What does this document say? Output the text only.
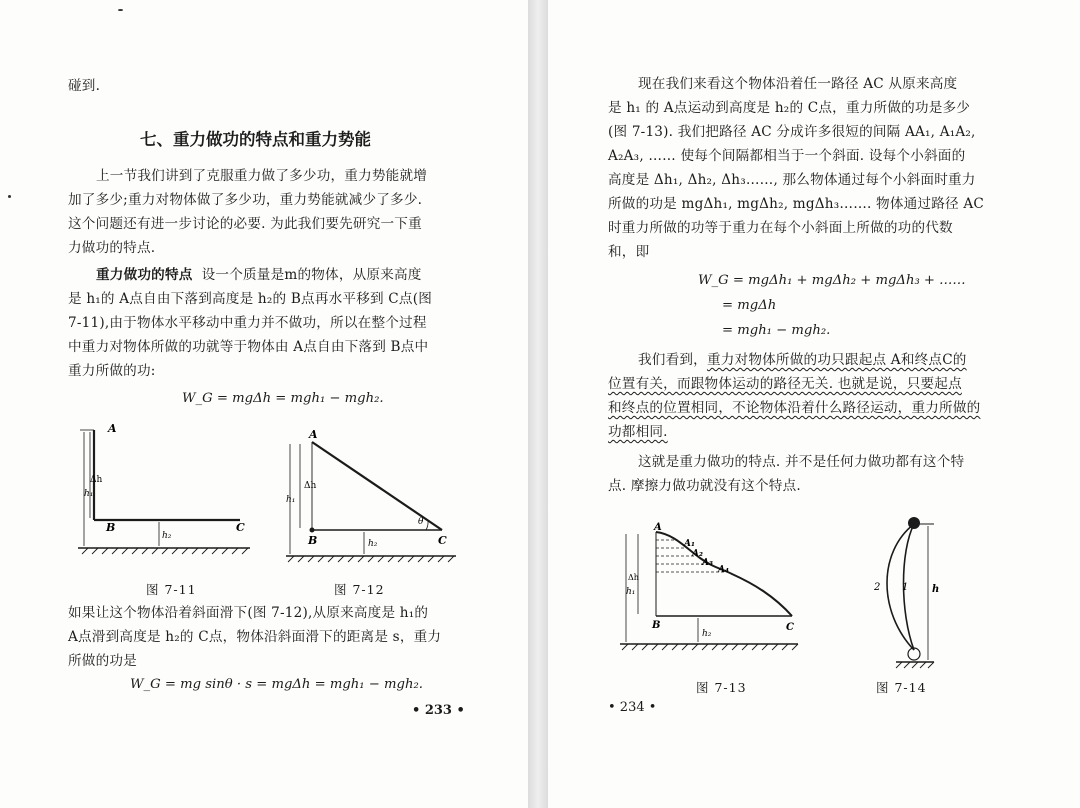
碰到.
七、重力做功的特点和重力势能
上一节我们讲到了克服重力做了多少功，重力势能就增
加了多少;重力对物体做了多少功，重力势能就减少了多少.
这个问题还有进一步讨论的必要. 为此我们要先研究一下重
力做功的特点.
重力做功的特点 设一个质量是m的物体，从原来高度
是 h₁的 A点自由下落到高度是 h₂的 B点再水平移到 C点(图
7-11),由于物体水平移动中重力并不做功，所以在整个过程
中重力对物体所做的功就等于物体由 A点自由下落到 B点中
重力所做的功:
W_G = mgΔh = mgh₁ − mgh₂.
A
B	C
Δh
h₁
h₂
A
B	C
θ
Δh
h₁
h₂
图 7-11	图 7-12
如果让这个物体沿着斜面滑下(图 7-12),从原来高度是 h₁的
A点滑到高度是 h₂的 C点，物体沿斜面滑下的距离是 s，重力
所做的功是
W_G = mg sinθ · s = mgΔh = mgh₁ − mgh₂.
• 233 •
现在我们来看这个物体沿着任一路径 AC 从原来高度
是 h₁ 的 A点运动到高度是 h₂的 C点，重力所做的功是多少
(图 7-13). 我们把路径 AC 分成许多很短的间隔 AA₁, A₁A₂,
A₂A₃, …… 使每个间隔都相当于一个斜面. 设每个小斜面的
高度是 Δh₁, Δh₂, Δh₃……, 那么物体通过每个小斜面时重力
所做的功是 mgΔh₁, mgΔh₂, mgΔh₃……. 物体通过路径 AC
时重力所做的功等于重力在每个小斜面上所做的功的代数
和，即
W_G = mgΔh₁ + mgΔh₂ + mgΔh₃ + ……
= mgΔh
= mgh₁ − mgh₂.
我们看到，重力对物体所做的功只跟起点 A和终点C的
位置有关，而跟物体运动的路径无关. 也就是说，只要起点
和终点的位置相同，不论物体沿着什么路径运动，重力所做的
功都相同.
这就是重力做功的特点. 并不是任何力做功都有这个特
点. 摩擦力做功就没有这个特点.
A
A₁
A₂
A₃
A₄
B	C
Δh
h₁
h₂
2 1 h
图 7-13	图 7-14
• 234 •
